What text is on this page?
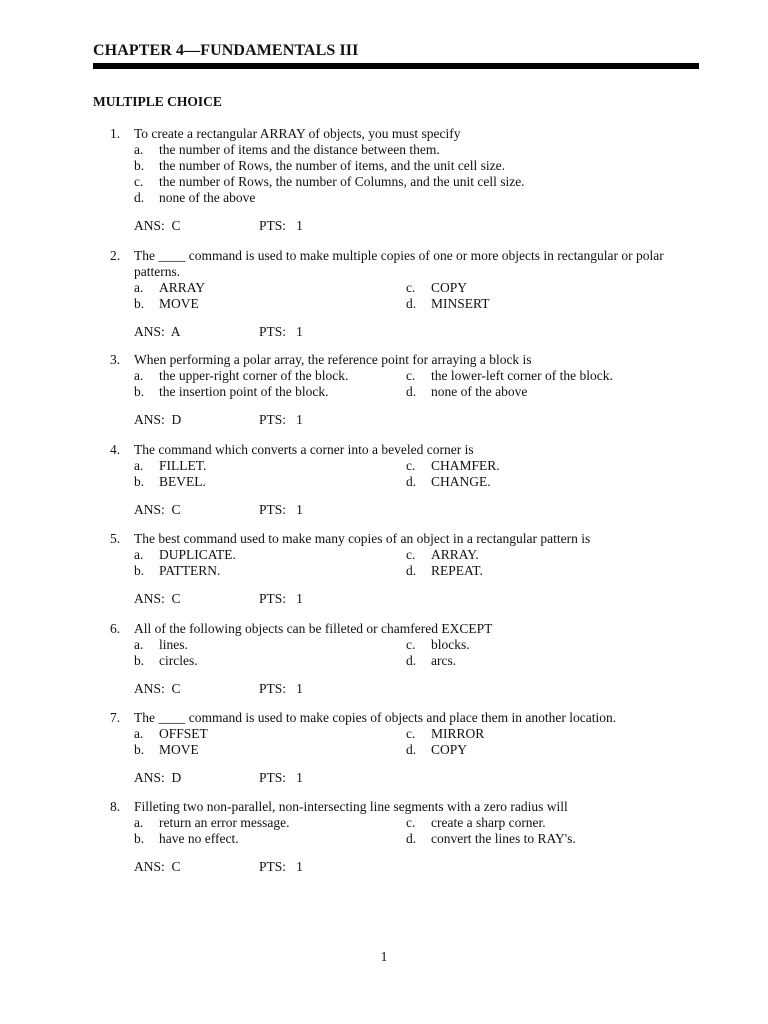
CHAPTER 4—FUNDAMENTALS III
MULTIPLE CHOICE
1. To create a rectangular ARRAY of objects, you must specify
a. the number of items and the distance between them.
b. the number of Rows, the number of items, and the unit cell size.
c. the number of Rows, the number of Columns, and the unit cell size.
d. none of the above
ANS:  C	PTS:   1
2. The ____ command is used to make multiple copies of one or more objects in rectangular or polar patterns.
a. ARRAY
b. MOVE
c. COPY
d. MINSERT
ANS:  A	PTS:   1
3. When performing a polar array, the reference point for arraying a block is
a. the upper-right corner of the block.
b. the insertion point of the block.
c. the lower-left corner of the block.
d. none of the above
ANS:  D	PTS:   1
4. The command which converts a corner into a beveled corner is
a. FILLET.
b. BEVEL.
c. CHAMFER.
d. CHANGE.
ANS:  C	PTS:   1
5. The best command used to make many copies of an object in a rectangular pattern is
a. DUPLICATE.
b. PATTERN.
c. ARRAY.
d. REPEAT.
ANS:  C	PTS:   1
6. All of the following objects can be filleted or chamfered EXCEPT
a. lines.
b. circles.
c. blocks.
d. arcs.
ANS:  C	PTS:   1
7. The ____ command is used to make copies of objects and place them in another location.
a. OFFSET
b. MOVE
c. MIRROR
d. COPY
ANS:  D	PTS:   1
8. Filleting two non-parallel, non-intersecting line segments with a zero radius will
a. return an error message.
b. have no effect.
c. create a sharp corner.
d. convert the lines to RAY's.
ANS:  C	PTS:   1
1
